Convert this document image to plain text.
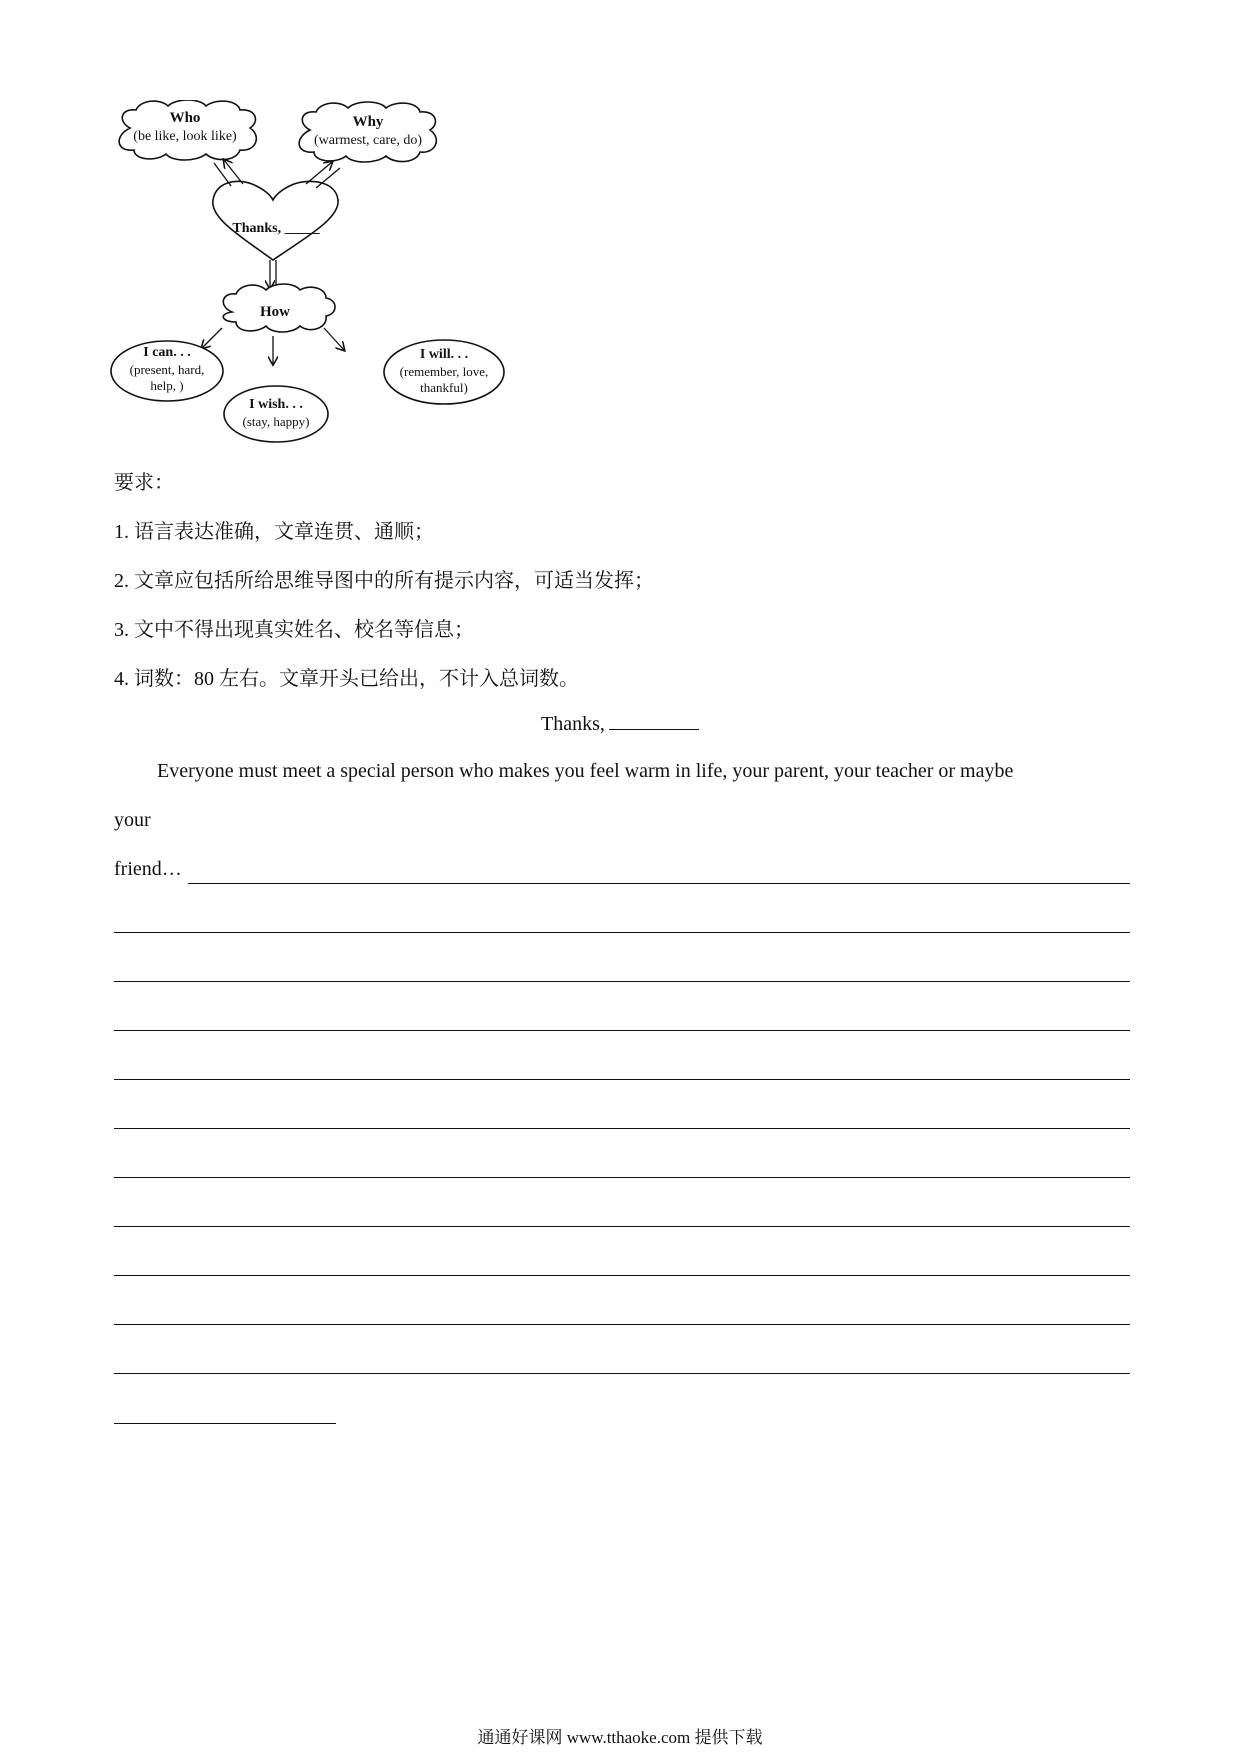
Who
(be like, look like)
Why
(warmest, care, do)
Thanks, _____
How
I can. . .
(present, hard,
help, )
I wish. . .
(stay, happy)
I will. . .
(remember, love,
thankful)
要求：
1. 语言表达准确，文章连贯、通顺；
2. 文章应包括所给思维导图中的所有提示内容，可适当发挥；
3. 文中不得出现真实姓名、校名等信息；
4. 词数：80 左右。文章开头已给出，不计入总词数。
Thanks,
Everyone must meet a special person who makes you feel warm in life, your parent, your teacher or maybe
your
friend…
通通好课网 www.tthaoke.com 提供下载
